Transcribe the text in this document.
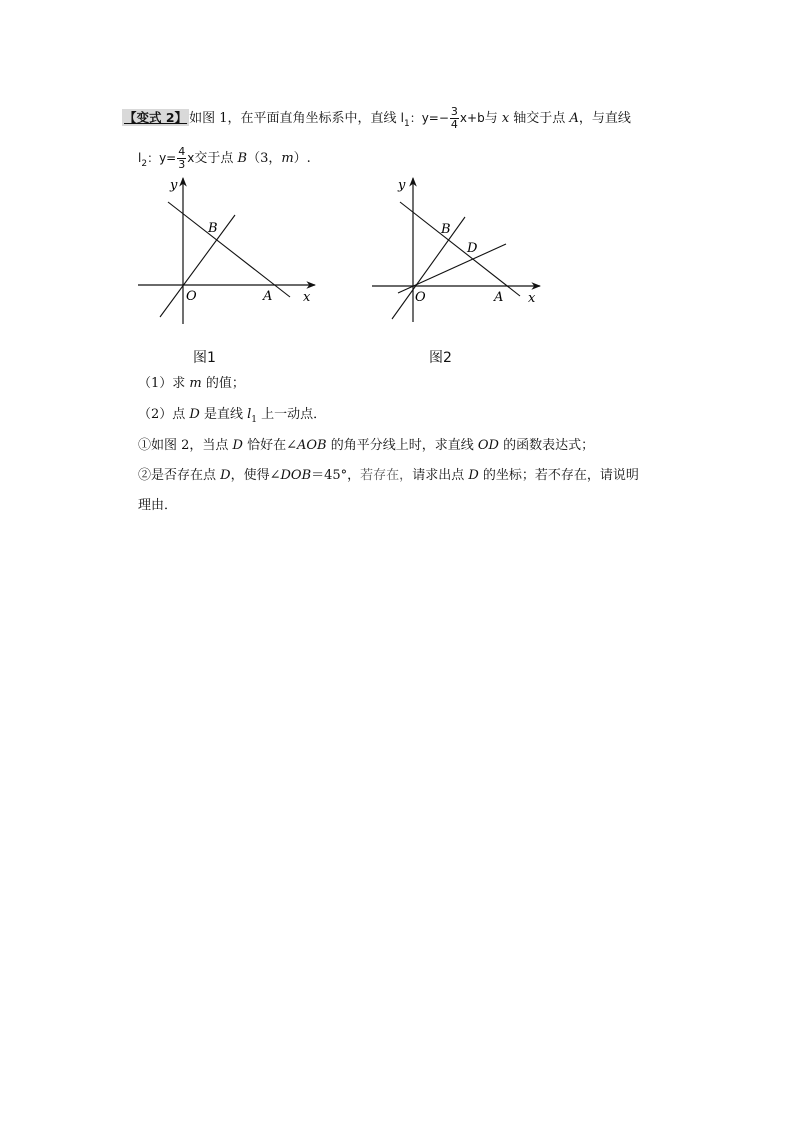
【变式 2】 如图 1，在平面直角坐标系中，直线 $l_1$：$y=- \frac{3}{4} x+b$与 x 轴交于点 A，与直线
$l_2$：$y= \frac{4}{3}$ x交于点 B（3，m）.
y
B
O	A x
y
B
D
O	A x
图1	图2
（1）求 m 的值；
（2）点 D 是直线 $l_1$ 上一动点．
①如图 2，当点 D 恰好在∠AOB 的角平分线上时，求直线 OD 的函数表达式；
②是否存在点 D，使得∠DOB＝45°，若存在，请求出点 D 的坐标；若不存在，请说明
理由．
